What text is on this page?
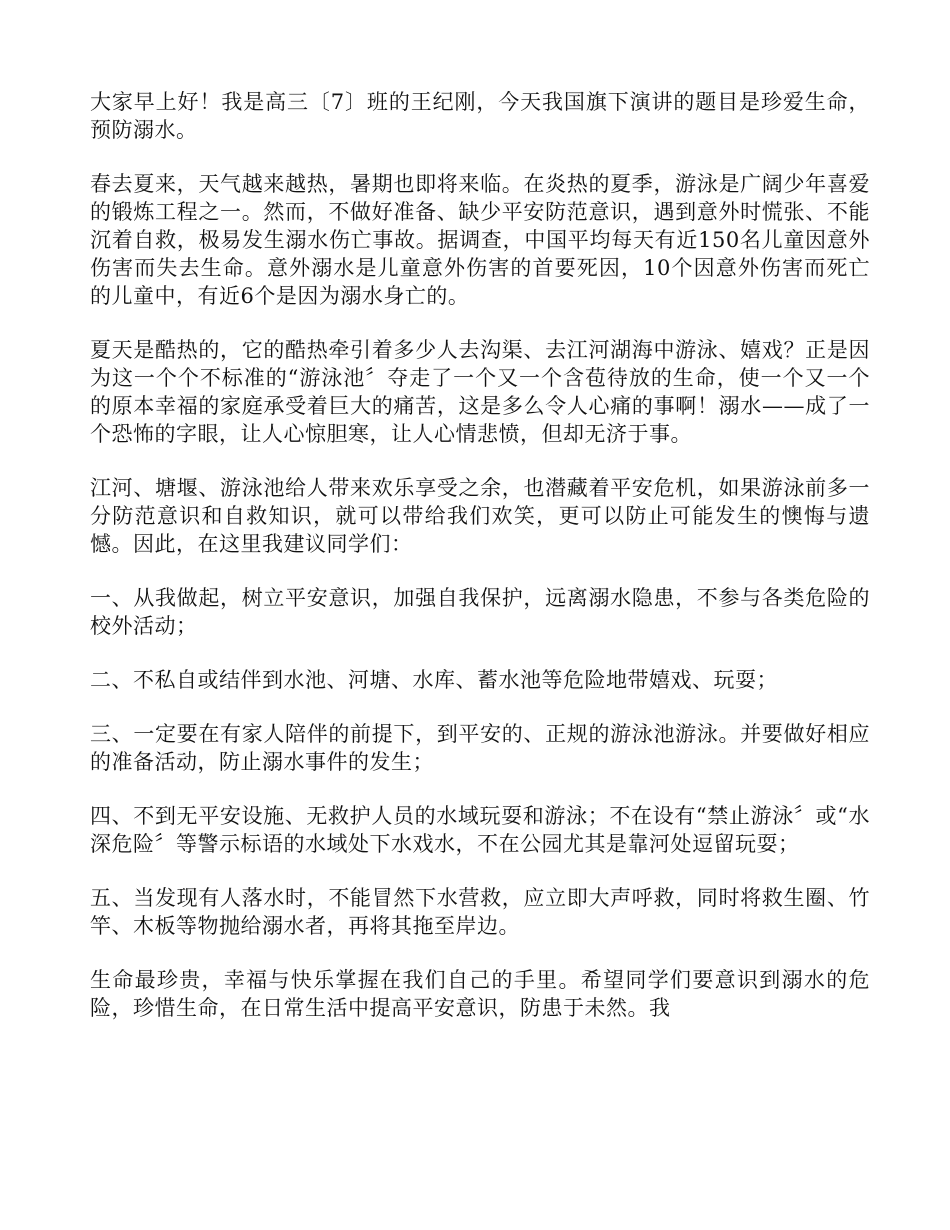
大家早上好！我是高三〔7〕班的王纪刚，今天我国旗下演讲的题目是珍爱生命，预防溺水。

春去夏来，天气越来越热，暑期也即将来临。在炎热的夏季，游泳是广阔少年喜爱的锻炼工程之一。然而，不做好准备、缺少平安防范意识，遇到意外时慌张、不能沉着自救，极易发生溺水伤亡事故。据调查，中国平均每天有近150名儿童因意外伤害而失去生命。意外溺水是儿童意外伤害的首要死因，10个因意外伤害而死亡的儿童中，有近6个是因为溺水身亡的。

夏天是酷热的，它的酷热牵引着多少人去沟渠、去江河湖海中游泳、嬉戏？正是因为这一个个不标准的“游泳池〞夺走了一个又一个含苞待放的生命，使一个又一个的原本幸福的家庭承受着巨大的痛苦，这是多么令人心痛的事啊！溺水——成了一个恐怖的字眼，让人心惊胆寒，让人心情悲愤，但却无济于事。

江河、塘堰、游泳池给人带来欢乐享受之余，也潜藏着平安危机，如果游泳前多一分防范意识和自救知识，就可以带给我们欢笑，更可以防止可能发生的懊悔与遗憾。因此，在这里我建议同学们：

一、从我做起，树立平安意识，加强自我保护，远离溺水隐患，不参与各类危险的校外活动；

二、不私自或结伴到水池、河塘、水库、蓄水池等危险地带嬉戏、玩耍；

三、一定要在有家人陪伴的前提下，到平安的、正规的游泳池游泳。并要做好相应的准备活动，防止溺水事件的发生；

四、不到无平安设施、无救护人员的水域玩耍和游泳；不在设有“禁止游泳〞或“水深危险〞等警示标语的水域处下水戏水，不在公园尤其是靠河处逗留玩耍；

五、当发现有人落水时，不能冒然下水营救，应立即大声呼救，同时将救生圈、竹竿、木板等物抛给溺水者，再将其拖至岸边。

生命最珍贵，幸福与快乐掌握在我们自己的手里。希望同学们要意识到溺水的危险，珍惜生命，在日常生活中提高平安意识，防患于未然。我
